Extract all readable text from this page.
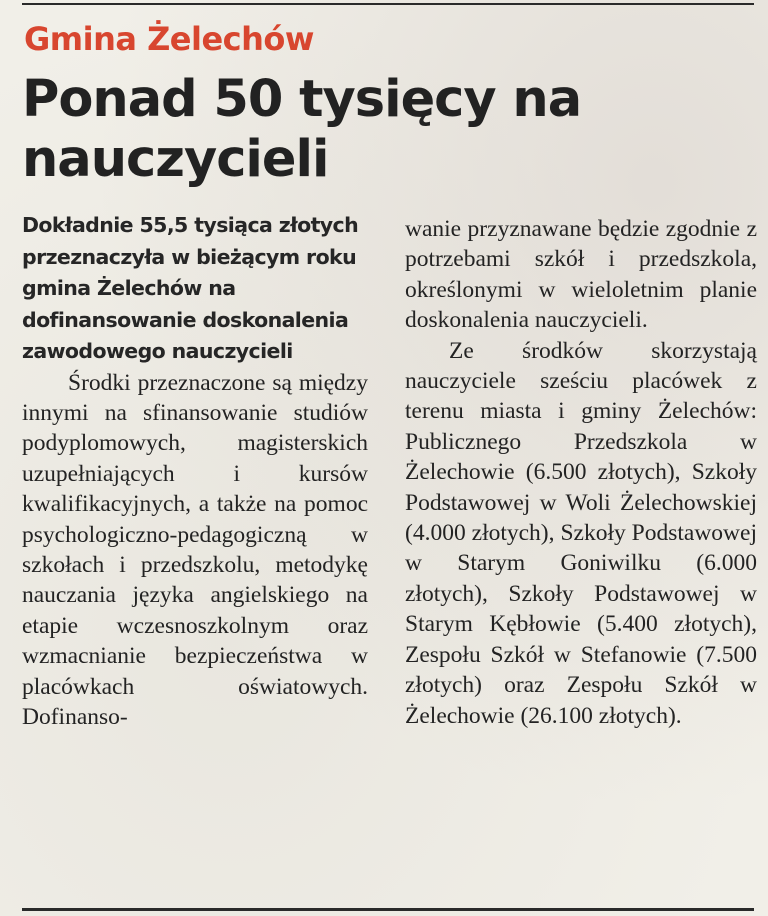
Gmina Żelechów
Ponad 50 tysięcy na nauczycieli
Dokładnie 55,5 tysiąca złotych przeznaczyła w bieżącym roku gmina Żelechów na dofinansowanie doskonalenia zawodowego nauczycieli

Środki przeznaczone są między innymi na sfinansowanie studiów podyplomowych, magisterskich uzupełniających i kursów kwalifikacyjnych, a także na pomoc psychologiczno-pedagogiczną w szkołach i przedszkolu, metodykę nauczania języka angielskiego na etapie wczesnoszkolnym oraz wzmacnianie bezpieczeństwa w placówkach oświatowych. Dofinanso-

wanie przyznawane będzie zgodnie z potrzebami szkół i przedszkola, określonymi w wieloletnim planie doskonalenia nauczycieli.

Ze środków skorzystają nauczyciele sześciu placówek z terenu miasta i gminy Żelechów: Publicznego Przedszkola w Żelechowie (6.500 złotych), Szkoły Podstawowej w Woli Żelechowskiej (4.000 złotych), Szkoły Podstawowej w Starym Goniwilku (6.000 złotych), Szkoły Podstawowej w Starym Kębłowie (5.400 złotych), Zespołu Szkół w Stefanowie (7.500 złotych) oraz Zespołu Szkół w Żelechowie (26.100 złotych).
